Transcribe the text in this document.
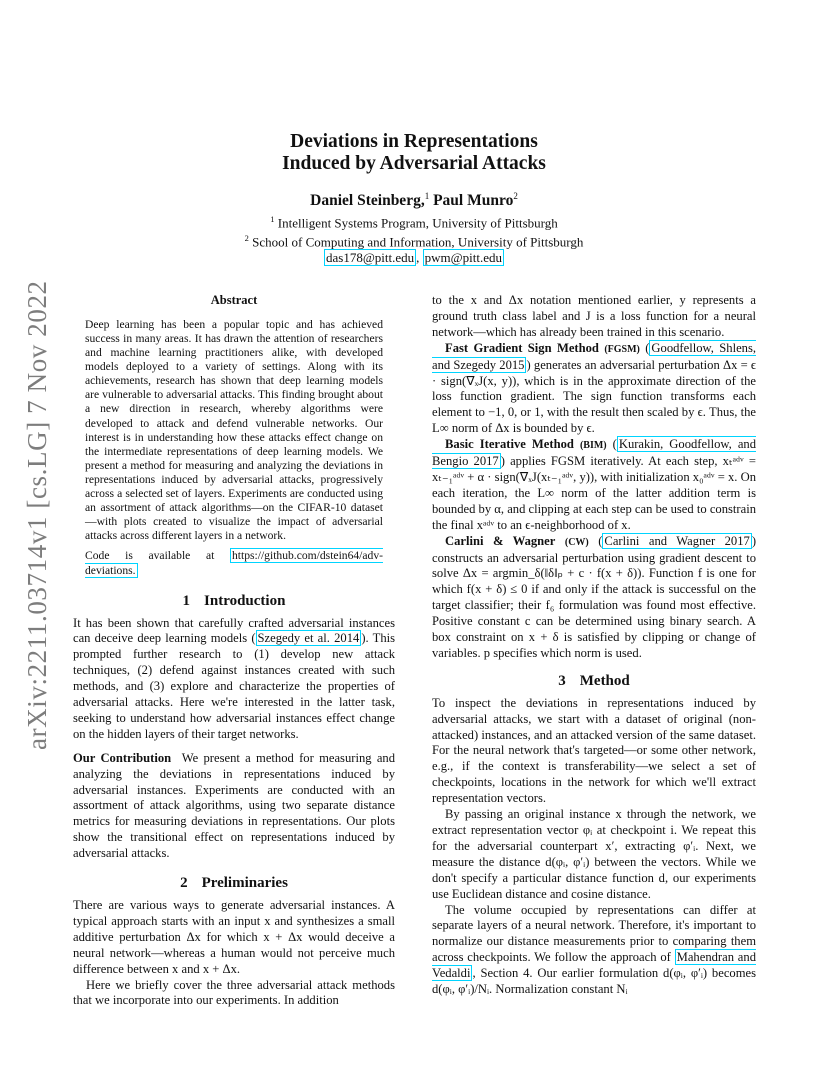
arXiv:2211.03714v1 [cs.LG] 7 Nov 2022
Deviations in Representations
Induced by Adversarial Attacks
Daniel Steinberg,$^1$ Paul Munro$^2$
$^1$ Intelligent Systems Program, University of Pittsburgh
$^2$ School of Computing and Information, University of Pittsburgh
das178@pitt.edu , pwm@pitt.edu
Abstract

Deep learning has been a popular topic and has achieved success in many areas. It has drawn the attention of researchers and machine learning practitioners alike, with developed models deployed to a variety of settings. Along with its achievements, research has shown that deep learning models are vulnerable to adversarial attacks. This finding brought about a new direction in research, whereby algorithms were developed to attack and defend vulnerable networks. Our interest is in understanding how these attacks effect change on the intermediate representations of deep learning models. We present a method for measuring and analyzing the deviations in representations induced by adversarial attacks, progressively across a selected set of layers. Experiments are conducted using an assortment of attack algorithms—on the CIFAR-10 dataset—with plots created to visualize the impact of adversarial attacks across different layers in a network.

Code is available at https://github.com/dstein64/adv-deviations.

1 Introduction

It has been shown that carefully crafted adversarial instances can deceive deep learning models ( Szegedy et al. 2014 ). This prompted further research to (1) develop new attack techniques, (2) defend against instances created with such methods, and (3) explore and characterize the properties of adversarial attacks. Here we're interested in the latter task, seeking to understand how adversarial instances effect change on the hidden layers of their target networks.

Our Contribution We present a method for measuring and analyzing the deviations in representations induced by adversarial instances. Experiments are conducted with an assortment of attack algorithms, using two separate distance metrics for measuring deviations in representations. Our plots show the transitional effect on representations induced by adversarial attacks.

2 Preliminaries

There are various ways to generate adversarial instances. A typical approach starts with an input x and synthesizes a small additive perturbation Δx for which x + Δx would deceive a neural network—whereas a human would not perceive much difference between x and x + Δx.

Here we briefly cover the three adversarial attack methods that we incorporate into our experiments. In addition

to the x and Δx notation mentioned earlier, y represents a ground truth class label and J is a loss function for a neural network—which has already been trained in this scenario.

Fast Gradient Sign Method (FGSM) ( Goodfellow, Shlens, and Szegedy 2015 ) generates an adversarial perturbation Δx = ϵ · sign(∇ₓJ(x, y)), which is in the approximate direction of the loss function gradient. The sign function transforms each element to −1, 0, or 1, with the result then scaled by ϵ. Thus, the L∞ norm of Δx is bounded by ϵ.

Basic Iterative Method (BIM) ( Kurakin, Goodfellow, and Bengio 2017 ) applies FGSM iteratively. At each step, xₜᵃᵈᵛ = xₜ₋₁ᵃᵈᵛ + α · sign(∇ₓJ(xₜ₋₁ᵃᵈᵛ, y)), with initialization x₀ᵃᵈᵛ = x. On each iteration, the L∞ norm of the latter addition term is bounded by α, and clipping at each step can be used to constrain the final xᵃᵈᵛ to an ϵ-neighborhood of x.

Carlini & Wagner (CW) ( Carlini and Wagner 2017 ) constructs an adversarial perturbation using gradient descent to solve Δx = argmin_δ(‖δ‖ₚ + c · f(x + δ)). Function f is one for which f(x + δ) ≤ 0 if and only if the attack is successful on the target classifier; their f₆ formulation was found most effective. Positive constant c can be determined using binary search. A box constraint on x + δ is satisfied by clipping or change of variables. p specifies which norm is used.

3 Method

To inspect the deviations in representations induced by adversarial attacks, we start with a dataset of original (non-attacked) instances, and an attacked version of the same dataset. For the neural network that's targeted—or some other network, e.g., if the context is transferability—we select a set of checkpoints, locations in the network for which we'll extract representation vectors.

By passing an original instance x through the network, we extract representation vector φᵢ at checkpoint i. We repeat this for the adversarial counterpart x′, extracting φ′ᵢ. Next, we measure the distance d(φᵢ, φ′ᵢ) between the vectors. While we don't specify a particular distance function d, our experiments use Euclidean distance and cosine distance.

The volume occupied by representations can differ at separate layers of a neural network. Therefore, it's important to normalize our distance measurements prior to comparing them across checkpoints. We follow the approach of Mahendran and Vedaldi , Section 4. Our earlier formulation d(φᵢ, φ′ᵢ) becomes d(φᵢ, φ′ᵢ)/Nᵢ. Normalization constant Nᵢ
